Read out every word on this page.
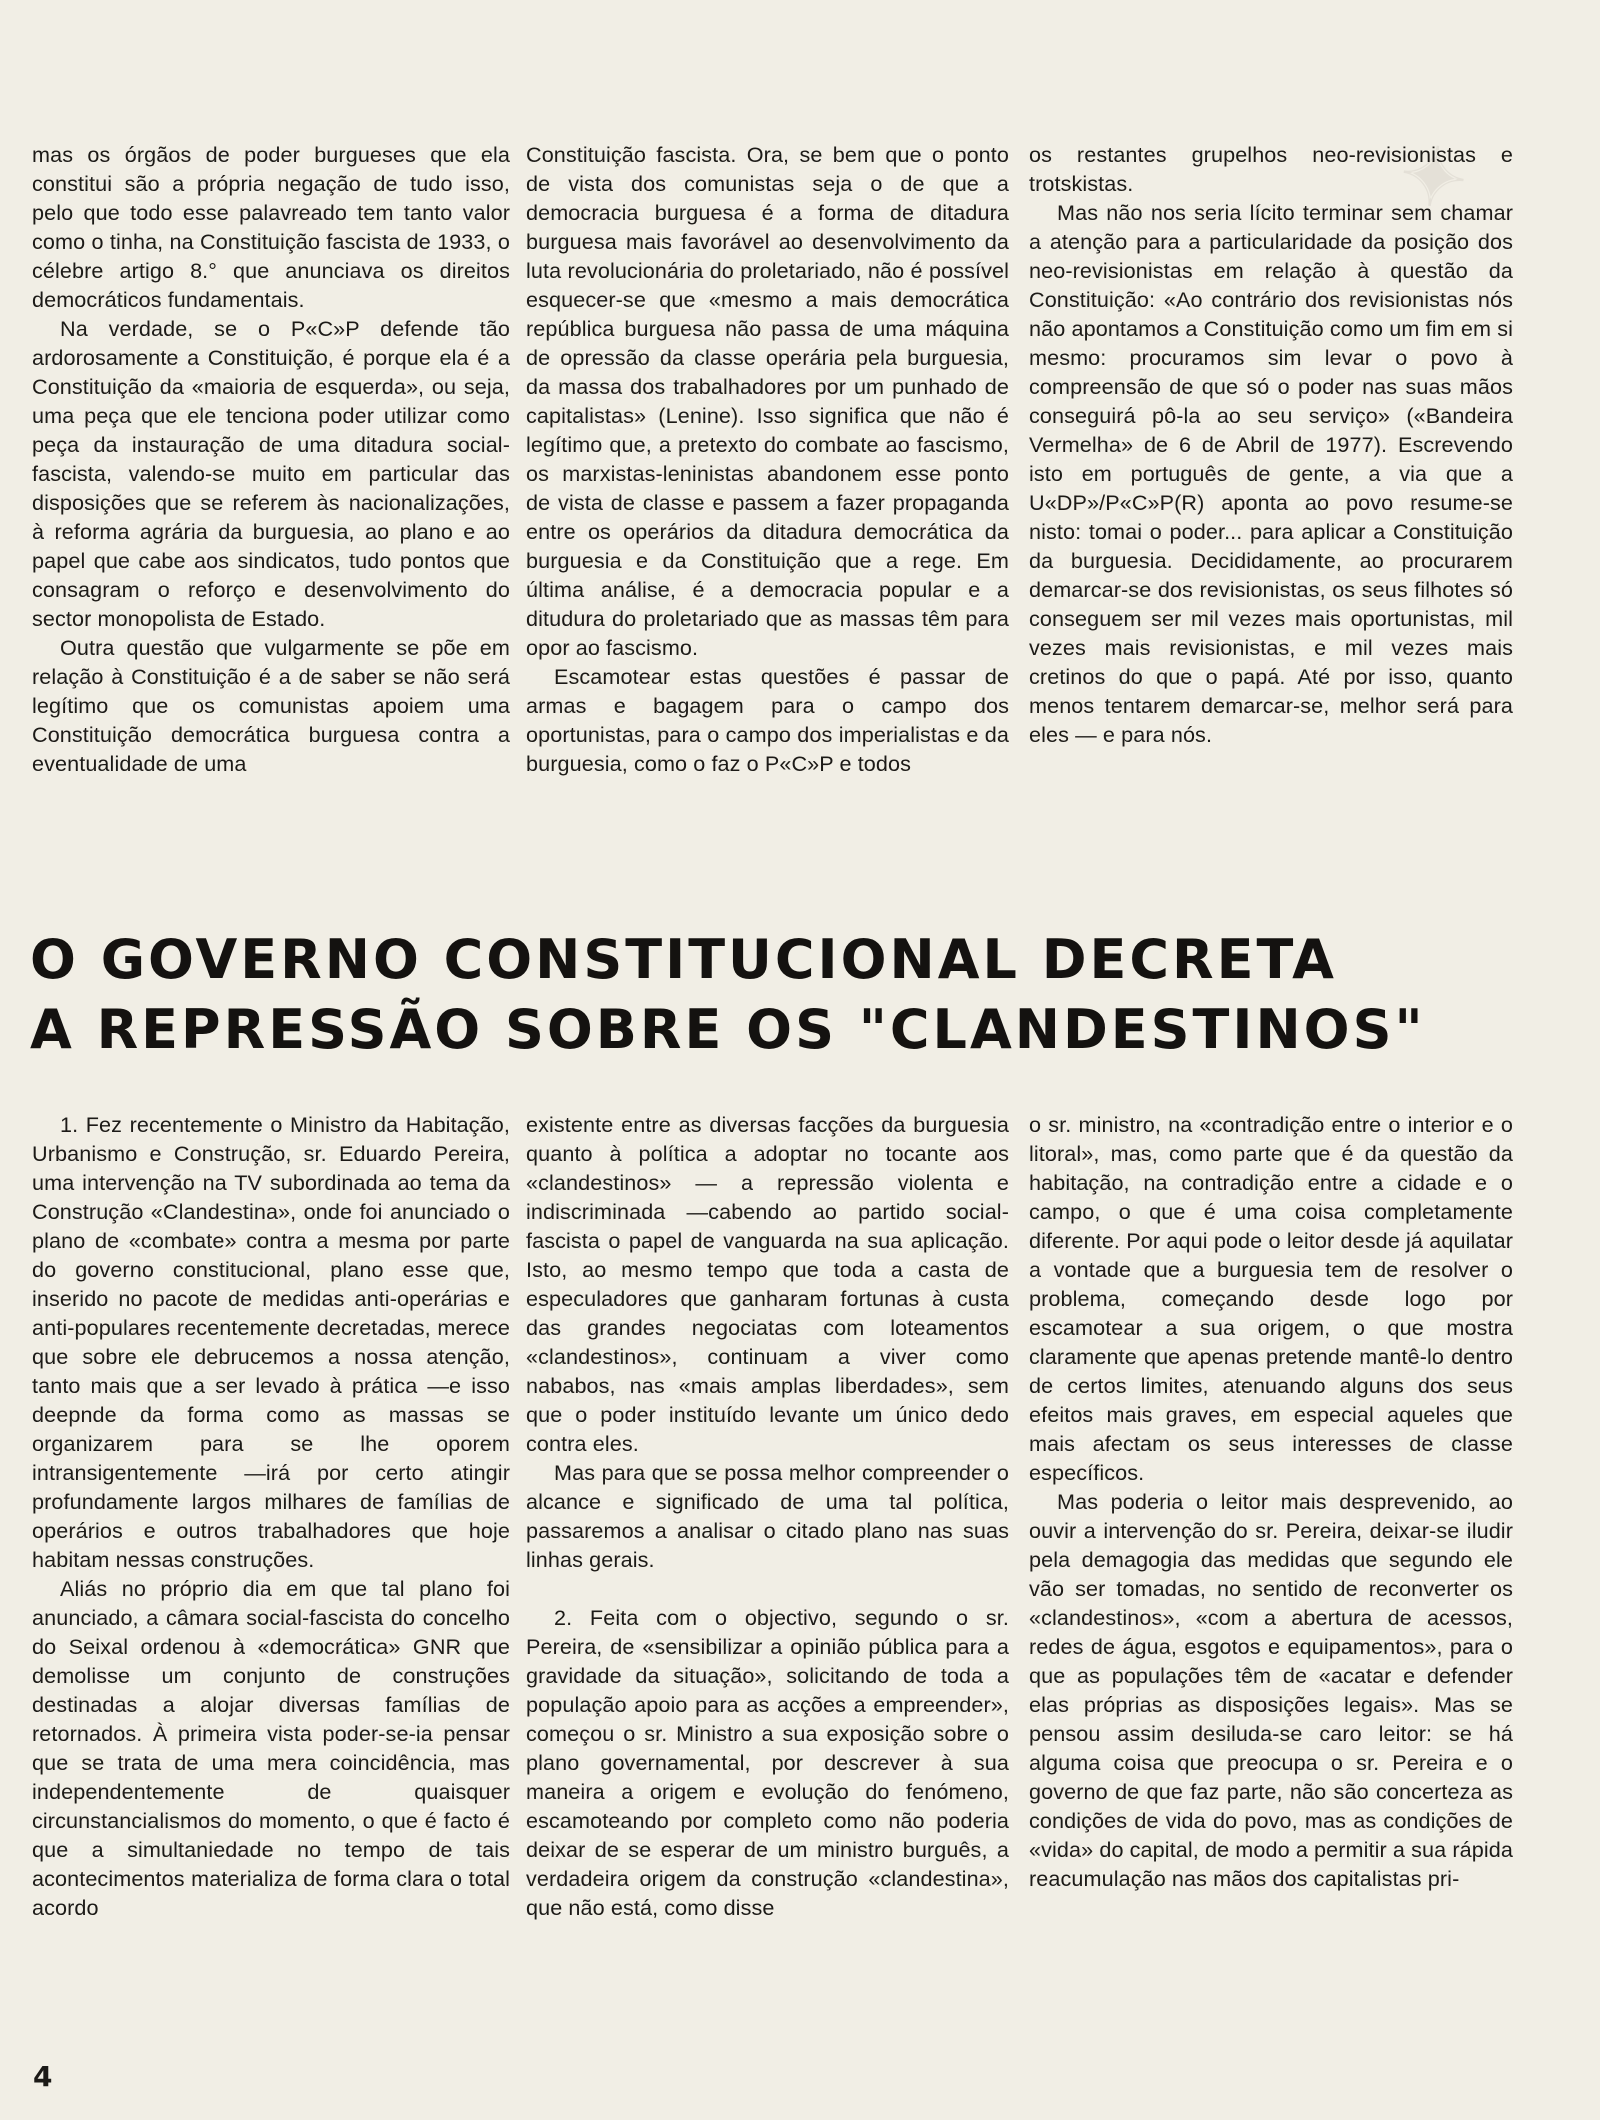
✦

mas os órgãos de poder burgueses que ela constitui são a própria negação de tudo isso, pelo que todo esse palavreado tem tanto valor como o tinha, na Constituição fascista de 1933, o célebre artigo 8.° que anunciava os direitos democráticos fundamentais.

Na verdade, se o P«C»P defende tão ardorosamente a Constituição, é porque ela é a Constituição da «maioria de esquerda», ou seja, uma peça que ele tenciona poder utilizar como peça da instauração de uma ditadura social-fascista, valendo-se muito em particular das disposições que se referem às nacionalizações, à reforma agrária da burguesia, ao plano e ao papel que cabe aos sindicatos, tudo pontos que consagram o reforço e desenvolvimento do sector monopolista de Estado.

Outra questão que vulgarmente se põe em relação à Constituição é a de saber se não será legítimo que os comunistas apoiem uma Constituição democrática burguesa contra a eventualidade de uma

Constituição fascista. Ora, se bem que o ponto de vista dos comunistas seja o de que a democracia burguesa é a forma de ditadura burguesa mais favorável ao desenvolvimento da luta revolucionária do proletariado, não é possível esquecer-se que «mesmo a mais democrática república burguesa não passa de uma máquina de opressão da classe operária pela burguesia, da massa dos trabalhadores por um punhado de capitalistas» (Lenine). Isso significa que não é legítimo que, a pretexto do combate ao fascismo, os marxistas-leninistas abandonem esse ponto de vista de classe e passem a fazer propaganda entre os operários da ditadura democrática da burguesia e da Constituição que a rege. Em última análise, é a democracia popular e a ditudura do proletariado que as massas têm para opor ao fascismo.

Escamotear estas questões é passar de armas e bagagem para o campo dos oportunistas, para o campo dos imperialistas e da burguesia, como o faz o P«C»P e todos

os restantes grupelhos neo-revisionistas e trotskistas.

Mas não nos seria lícito terminar sem chamar a atenção para a particularidade da posição dos neo-revisionistas em relação à questão da Constituição: «Ao contrário dos revisionistas nós não apontamos a Constituição como um fim em si mesmo: procuramos sim levar o povo à compreensão de que só o poder nas suas mãos conseguirá pô-la ao seu serviço» («Bandeira Vermelha» de 6 de Abril de 1977). Escrevendo isto em português de gente, a via que a U«DP»/P«C»P(R) aponta ao povo resume-se nisto: tomai o poder... para aplicar a Constituição da burguesia. Decididamente, ao procurarem demarcar-se dos revisionistas, os seus filhotes só conseguem ser mil vezes mais oportunistas, mil vezes mais revisionistas, e mil vezes mais cretinos do que o papá. Até por isso, quanto menos tentarem demarcar-se, melhor será para eles — e para nós.

O GOVERNO CONSTITUCIONAL DECRETA
A REPRESSÃO SOBRE OS "CLANDESTINOS"

1. Fez recentemente o Ministro da Habitação, Urbanismo e Construção, sr. Eduardo Pereira, uma intervenção na TV subordinada ao tema da Construção «Clandestina», onde foi anunciado o plano de «combate» contra a mesma por parte do governo constitucional, plano esse que, inserido no pacote de medidas anti-operárias e anti-populares recentemente decretadas, merece que sobre ele debrucemos a nossa atenção, tanto mais que a ser levado à prática —e isso deepnde da forma como as massas se organizarem para se lhe oporem intransigentemente —irá por certo atingir profundamente largos milhares de famílias de operários e outros trabalhadores que hoje habitam nessas construções.

Aliás no próprio dia em que tal plano foi anunciado, a câmara social-fascista do concelho do Seixal ordenou à «democrática» GNR que demolisse um conjunto de construções destinadas a alojar diversas famílias de retornados. À primeira vista poder-se-ia pensar que se trata de uma mera coincidência, mas independentemente de quaisquer circunstancialismos do momento, o que é facto é que a simultaniedade no tempo de tais acontecimentos materializa de forma clara o total acordo

existente entre as diversas facções da burguesia quanto à política a adoptar no tocante aos «clandestinos» — a repressão violenta e indiscriminada —cabendo ao partido social-fascista o papel de vanguarda na sua aplicação. Isto, ao mesmo tempo que toda a casta de especuladores que ganharam fortunas à custa das grandes negociatas com loteamentos «clandestinos», continuam a viver como nababos, nas «mais amplas liberdades», sem que o poder instituído levante um único dedo contra eles.

Mas para que se possa melhor compreender o alcance e significado de uma tal política, passaremos a analisar o citado plano nas suas linhas gerais.

2. Feita com o objectivo, segundo o sr. Pereira, de «sensibilizar a opinião pública para a gravidade da situação», solicitando de toda a população apoio para as acções a empreender», começou o sr. Ministro a sua exposição sobre o plano governamental, por descrever à sua maneira a origem e evolução do fenómeno, escamoteando por completo como não poderia deixar de se esperar de um ministro burguês, a verdadeira origem da construção «clandestina», que não está, como disse

o sr. ministro, na «contradição entre o interior e o litoral», mas, como parte que é da questão da habitação, na contradição entre a cidade e o campo, o que é uma coisa completamente diferente. Por aqui pode o leitor desde já aquilatar a vontade que a burguesia tem de resolver o problema, começando desde logo por escamotear a sua origem, o que mostra claramente que apenas pretende mantê-lo dentro de certos limites, atenuando alguns dos seus efeitos mais graves, em especial aqueles que mais afectam os seus interesses de classe específicos.

Mas poderia o leitor mais desprevenido, ao ouvir a intervenção do sr. Pereira, deixar-se iludir pela demagogia das medidas que segundo ele vão ser tomadas, no sentido de reconverter os «clandestinos», «com a abertura de acessos, redes de água, esgotos e equipamentos», para o que as populações têm de «acatar e defender elas próprias as disposições legais». Mas se pensou assim desiluda-se caro leitor: se há alguma coisa que preocupa o sr. Pereira e o governo de que faz parte, não são concerteza as condições de vida do povo, mas as condições de «vida» do capital, de modo a permitir a sua rápida reacumulação nas mãos dos capitalistas pri-

4
